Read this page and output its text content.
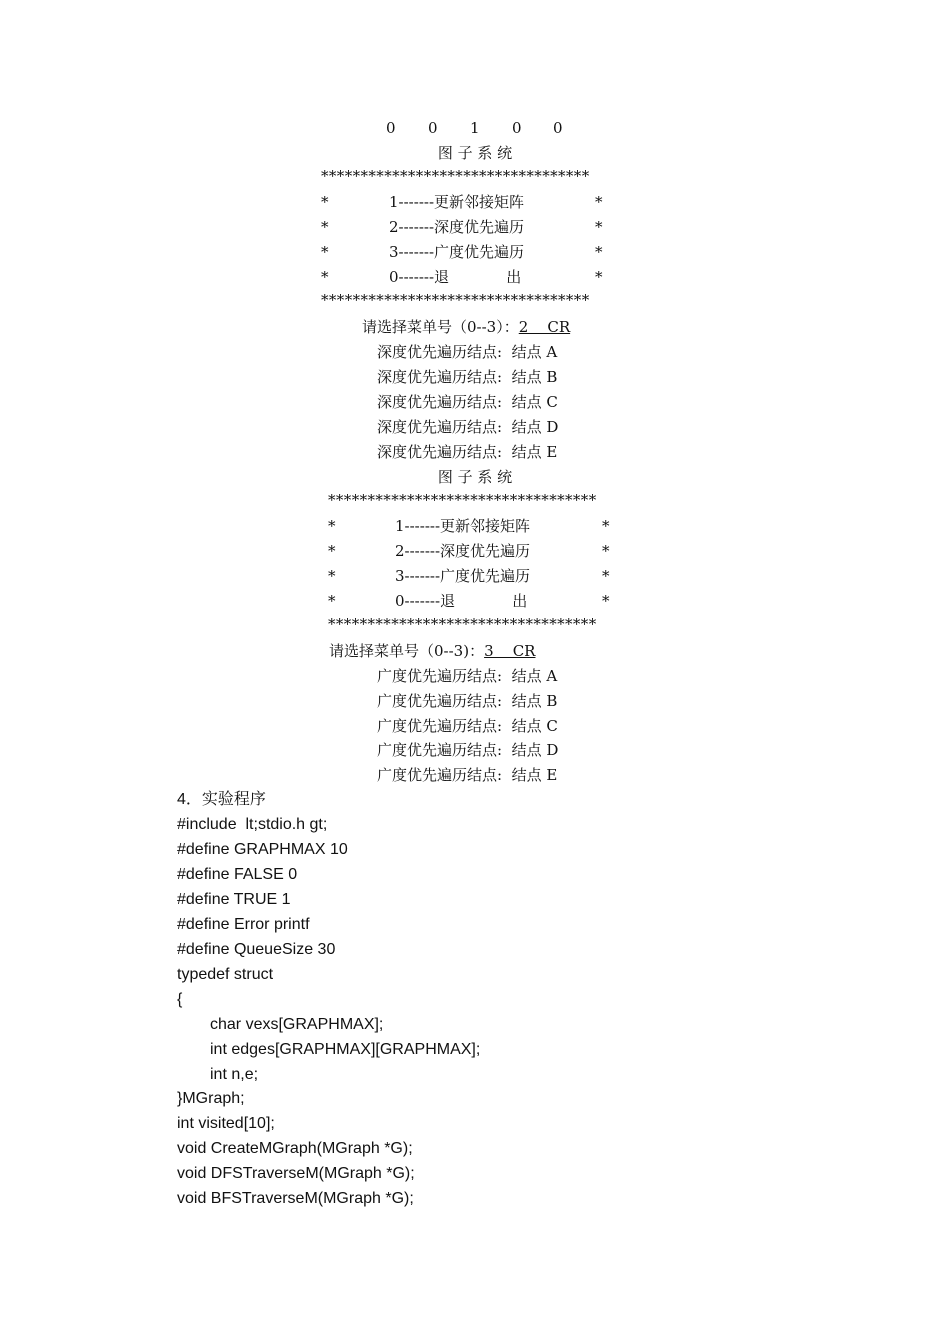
0 0 1 0 0
图 子 系 统
**********************************
*	1-------更新邻接矩阵	*
*	2-------深度优先遍历	*
*	3-------广度优先遍历	*
*	0-------退            出	*
**********************************
请选择菜单号（0--3）：2    CR
深度优先遍历结点:  结点 A
深度优先遍历结点:  结点 B
深度优先遍历结点:  结点 C
深度优先遍历结点:  结点 D
深度优先遍历结点:  结点 E
图 子 系 统
**********************************
*	1-------更新邻接矩阵	*
*	2-------深度优先遍历	*
*	3-------广度优先遍历	*
*	0-------退            出	*
**********************************
请选择菜单号（0--3)：3    CR
广度优先遍历结点:  结点 A
广度优先遍历结点:  结点 B
广度优先遍历结点:  结点 C
广度优先遍历结点:  结点 D
广度优先遍历结点:  结点 E
4．实验程序
#include  lt;stdio.h gt;
#define GRAPHMAX 10
#define FALSE 0
#define TRUE 1
#define Error printf
#define QueueSize 30
typedef struct
{
char vexs[GRAPHMAX];
int edges[GRAPHMAX][GRAPHMAX];
int n,e;
}MGraph;
int visited[10];
void CreateMGraph(MGraph *G);
void DFSTraverseM(MGraph *G);
void BFSTraverseM(MGraph *G);
